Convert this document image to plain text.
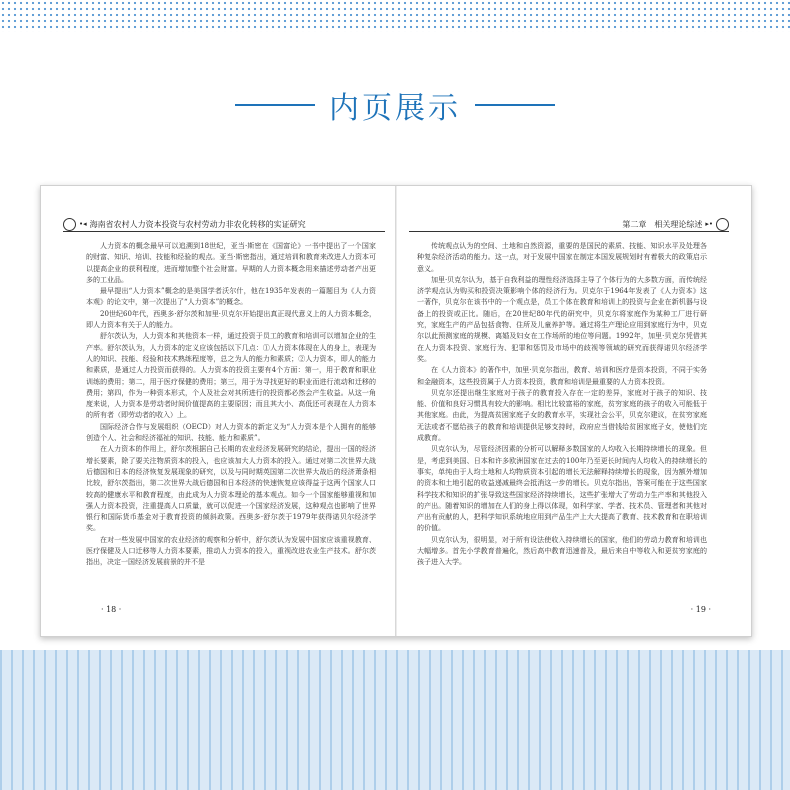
内页展示
•◂ 海南省农村人力资本投资与农村劳动力非农化转移的实证研究

人力资本的概念最早可以追溯到18世纪，亚当·斯密在《国富论》一书中提出了一个国家的财富、知识、培训、技能和经验的观点。亚当·斯密指出，通过培训和教育来改进人力资本可以提高企业的获利程度，进而增加整个社会财富。早期的人力资本概念用来描述劳动者产出更多的工业品。

最早提出“人力资本”概念的是美国学者沃尔什，他在1935年发表的一篇题目为《人力资本观》的论文中，第一次提出了“人力资本”的概念。

20世纪60年代，西奥多·舒尔茨和加里·贝克尔开始提出真正现代意义上的人力资本概念，即人力资本有关于人的能力。

舒尔茨认为，人力资本和其他资本一样，通过投资于员工的教育和培训可以增加企业的生产率。舒尔茨认为，人力资本的定义应该包括以下几点：①人力资本体现在人的身上，表现为人的知识、技能、经验和技术熟练程度等，总之为人的能力和素质；②人力资本，即人的能力和素质，是通过人力投资而获得的。人力资本的投资主要有4个方面：第一，用于教育和职业训练的费用；第二，用于医疗保健的费用；第三，用于为寻找更好的职业而进行流动和迁移的费用；第四，作为一种资本形式，个人及社会对其所进行的投资都必然会产生收益。从这一角度来说，人力资本是劳动者时间价值提高的主要原因；而且其大小、高低还可表现在人力资本的所有者（即劳动者的收入）上。

国际经济合作与发展组织（OECD）对人力资本的新定义为“人力资本是个人拥有的能够创造个人、社会和经济福祉的知识、技能、能力和素质”。

在人力资本的作用上，舒尔茨根据自己长期的农业经济发展研究的结论，提出一国的经济增长要素，除了要关注物质资本的投入，也应该加大人力资本的投入。通过对第二次世界大战后德国和日本的经济恢复发展现象的研究，以及与同时期英国第二次世界大战后的经济萧条相比较，舒尔茨指出，第二次世界大战后德国和日本经济的快速恢复应该得益于这两个国家人口较高的健康水平和教育程度，由此成为人力资本理论的基本观点。如今一个国家能够重视和加强人力资本投资，注重提高人口质量，就可以促进一个国家经济发展，这种观点也影响了世界银行和国际货币基金对于教育投资的倾斜政策。西奥多·舒尔茨于1979年获得诺贝尔经济学奖。

在对一些发展中国家的农业经济的观察和分析中，舒尔茨认为发展中国家应该重视教育、医疗保健及人口迁移等人力资本要素，推动人力资本的投入，重视改进农业生产技术。舒尔茨指出，决定一国经济发展前景的并不是

· 18 ·
第二章　相关理论综述 ▸•

传统观点认为的空间、土地和自然资源，重要的是国民的素质、技能、知识水平及处理各种复杂经济活动的能力。这一点，对于发展中国家在制定本国发展规划时有着极大的政策启示意义。

加里·贝克尔认为，基于自我利益的理性经济选择主导了个体行为的大多数方面，而传统经济学观点认为购买和投资决策影响个体的经济行为。贝克尔于1964年发表了《人力资本》这一著作，贝克尔在该书中的一个观点是，员工个体在教育和培训上的投资与企业在新机器与设备上的投资或正比。随后，在20世纪80年代的研究中，贝克尔将家庭作为某种工厂进行研究，家庭生产的产品包括食物、住所及儿童养护等。通过将生产理论应用到家庭行为中，贝克尔以此预测家庭的规模、离婚及妇女在工作场所的地位等问题。1992年，加里·贝克尔凭借其在人力资本投资、家庭行为、犯罪和惩罚及市场中的歧视等领域的研究而获得诺贝尔经济学奖。

在《人力资本》的著作中，加里·贝克尔指出，教育、培训和医疗是资本投资，不同于实务和金融资本，这些投资属于人力资本投资，教育和培训是最重要的人力资本投资。

贝克尔还提出继生家庭对于孩子的教育投入存在一定的差异，家庭对于孩子的知识、技能、价值和良好习惯具有较大的影响。相比比较富裕的家庭，贫穷家庭的孩子的收入可能低于其他家庭。由此，为提高贫困家庭子女的教育水平，实现社会公平，贝克尔建议，在贫穷家庭无法或者不愿给孩子的教育和培训提供足够支持时，政府应当借钱给贫困家庭子女，使他们完成教育。

贝克尔认为，尽管经济因素的分析可以解释多数国家的人均收入长期持续增长的现象。但是，考虑到美国、日本和许多欧洲国家在过去的100年乃至更长时间内人均收入的持续增长的事实，单纯由于人均土地和人均物质资本引起的增长无法解释持续增长的现象，因为额外增加的资本和土地引起的收益递减最终会抵消这一步的增长。贝克尔指出，答案可能在于这些国家科学技术和知识的扩张导致这些国家经济持续增长，这些扩张增大了劳动力生产率和其他投入的产出。随着知识的增加在人们的身上得以体现，如科学家、学者、技术员、管理者和其他对产出有贡献的人，把科学知识系统地应用到产品生产上大大提高了教育、技术教育和在职培训的价值。

贝克尔认为，很明显，对于所有设法使收入持续增长的国家，他们的劳动力教育和培训也大幅增多。首先小学教育普遍化，然后高中教育迅速普及，最后来自中等收入和更贫穷家庭的孩子进入大学。

· 19 ·
